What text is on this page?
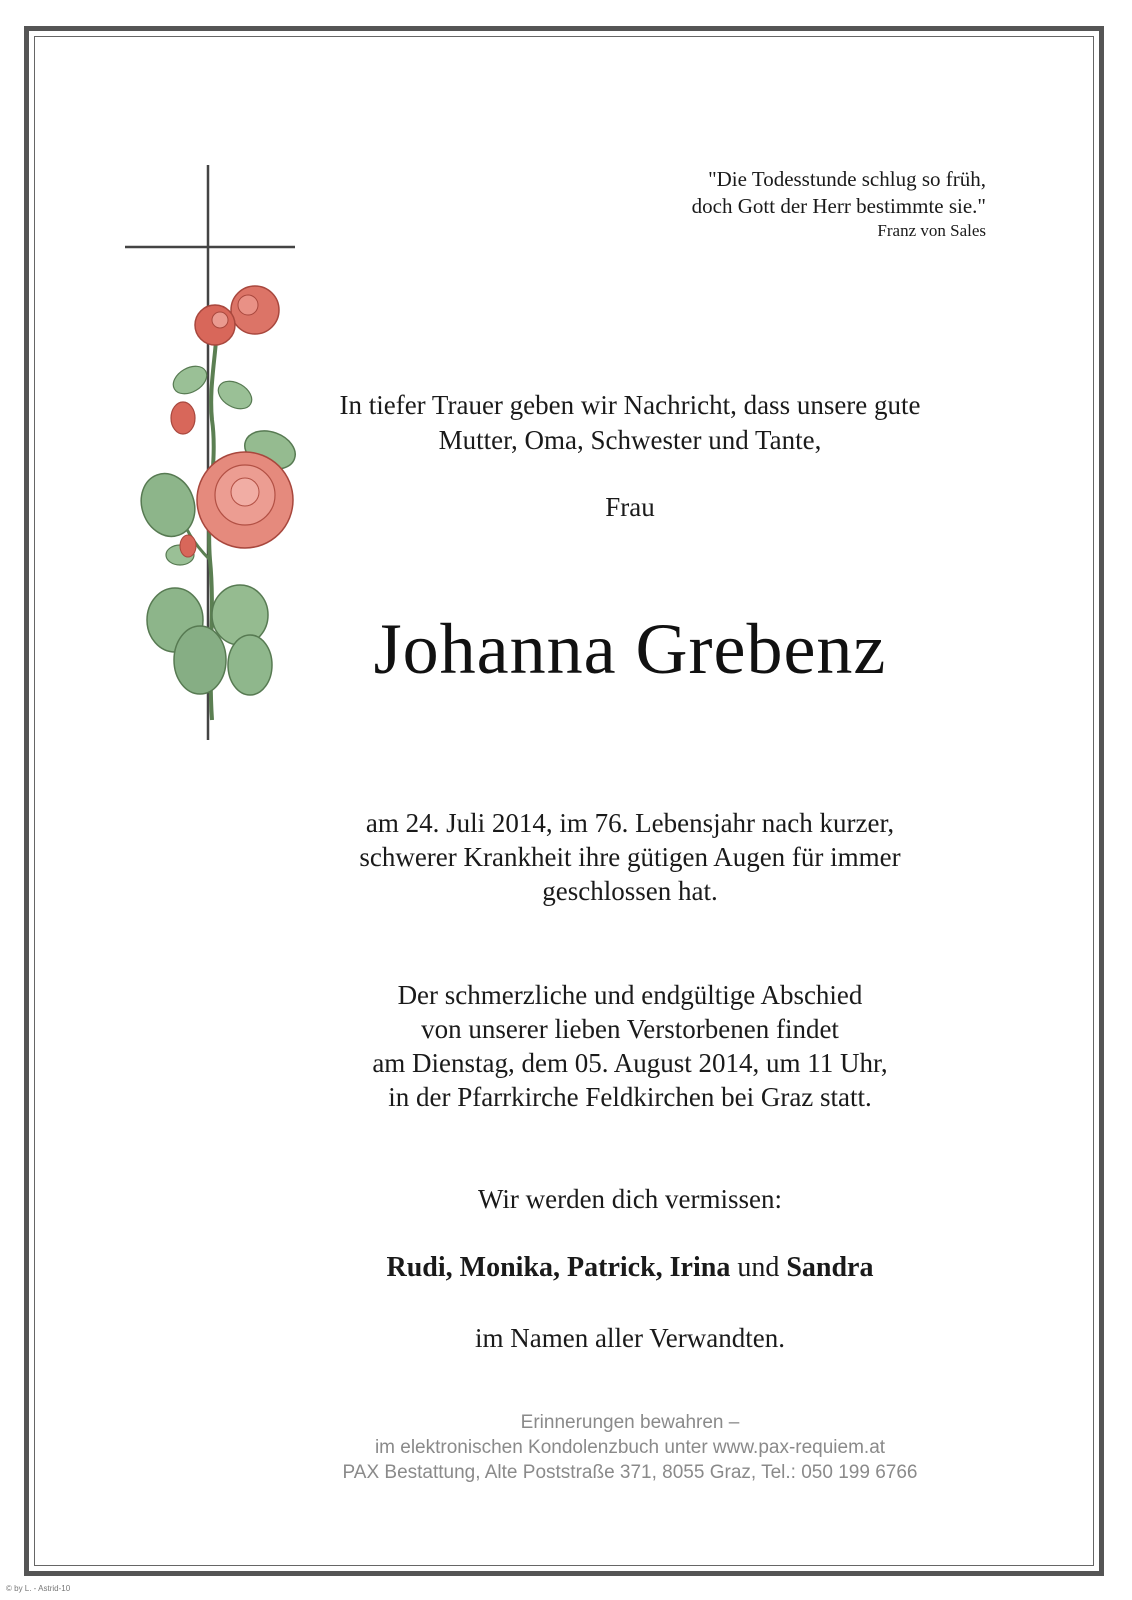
"Die Todesstunde schlug so früh,
doch Gott der Herr bestimmte sie."
Franz von Sales
In tiefer Trauer geben wir Nachricht, dass unsere gute
Mutter, Oma, Schwester und Tante,
Frau
Johanna Grebenz
am 24. Juli 2014, im 76. Lebensjahr nach kurzer,
schwerer Krankheit ihre gütigen Augen für immer
geschlossen hat.
Der schmerzliche und endgültige Abschied
von unserer lieben Verstorbenen findet
am Dienstag, dem 05. August 2014, um 11 Uhr,
in der Pfarrkirche Feldkirchen bei Graz statt.
Wir werden dich vermissen:
Rudi, Monika, Patrick, Irina und Sandra
im Namen aller Verwandten.
Erinnerungen bewahren –
im elektronischen Kondolenzbuch unter www.pax-requiem.at
PAX Bestattung, Alte Poststraße 371, 8055 Graz, Tel.: 050 199 6766
© by L. - Astrid-10
